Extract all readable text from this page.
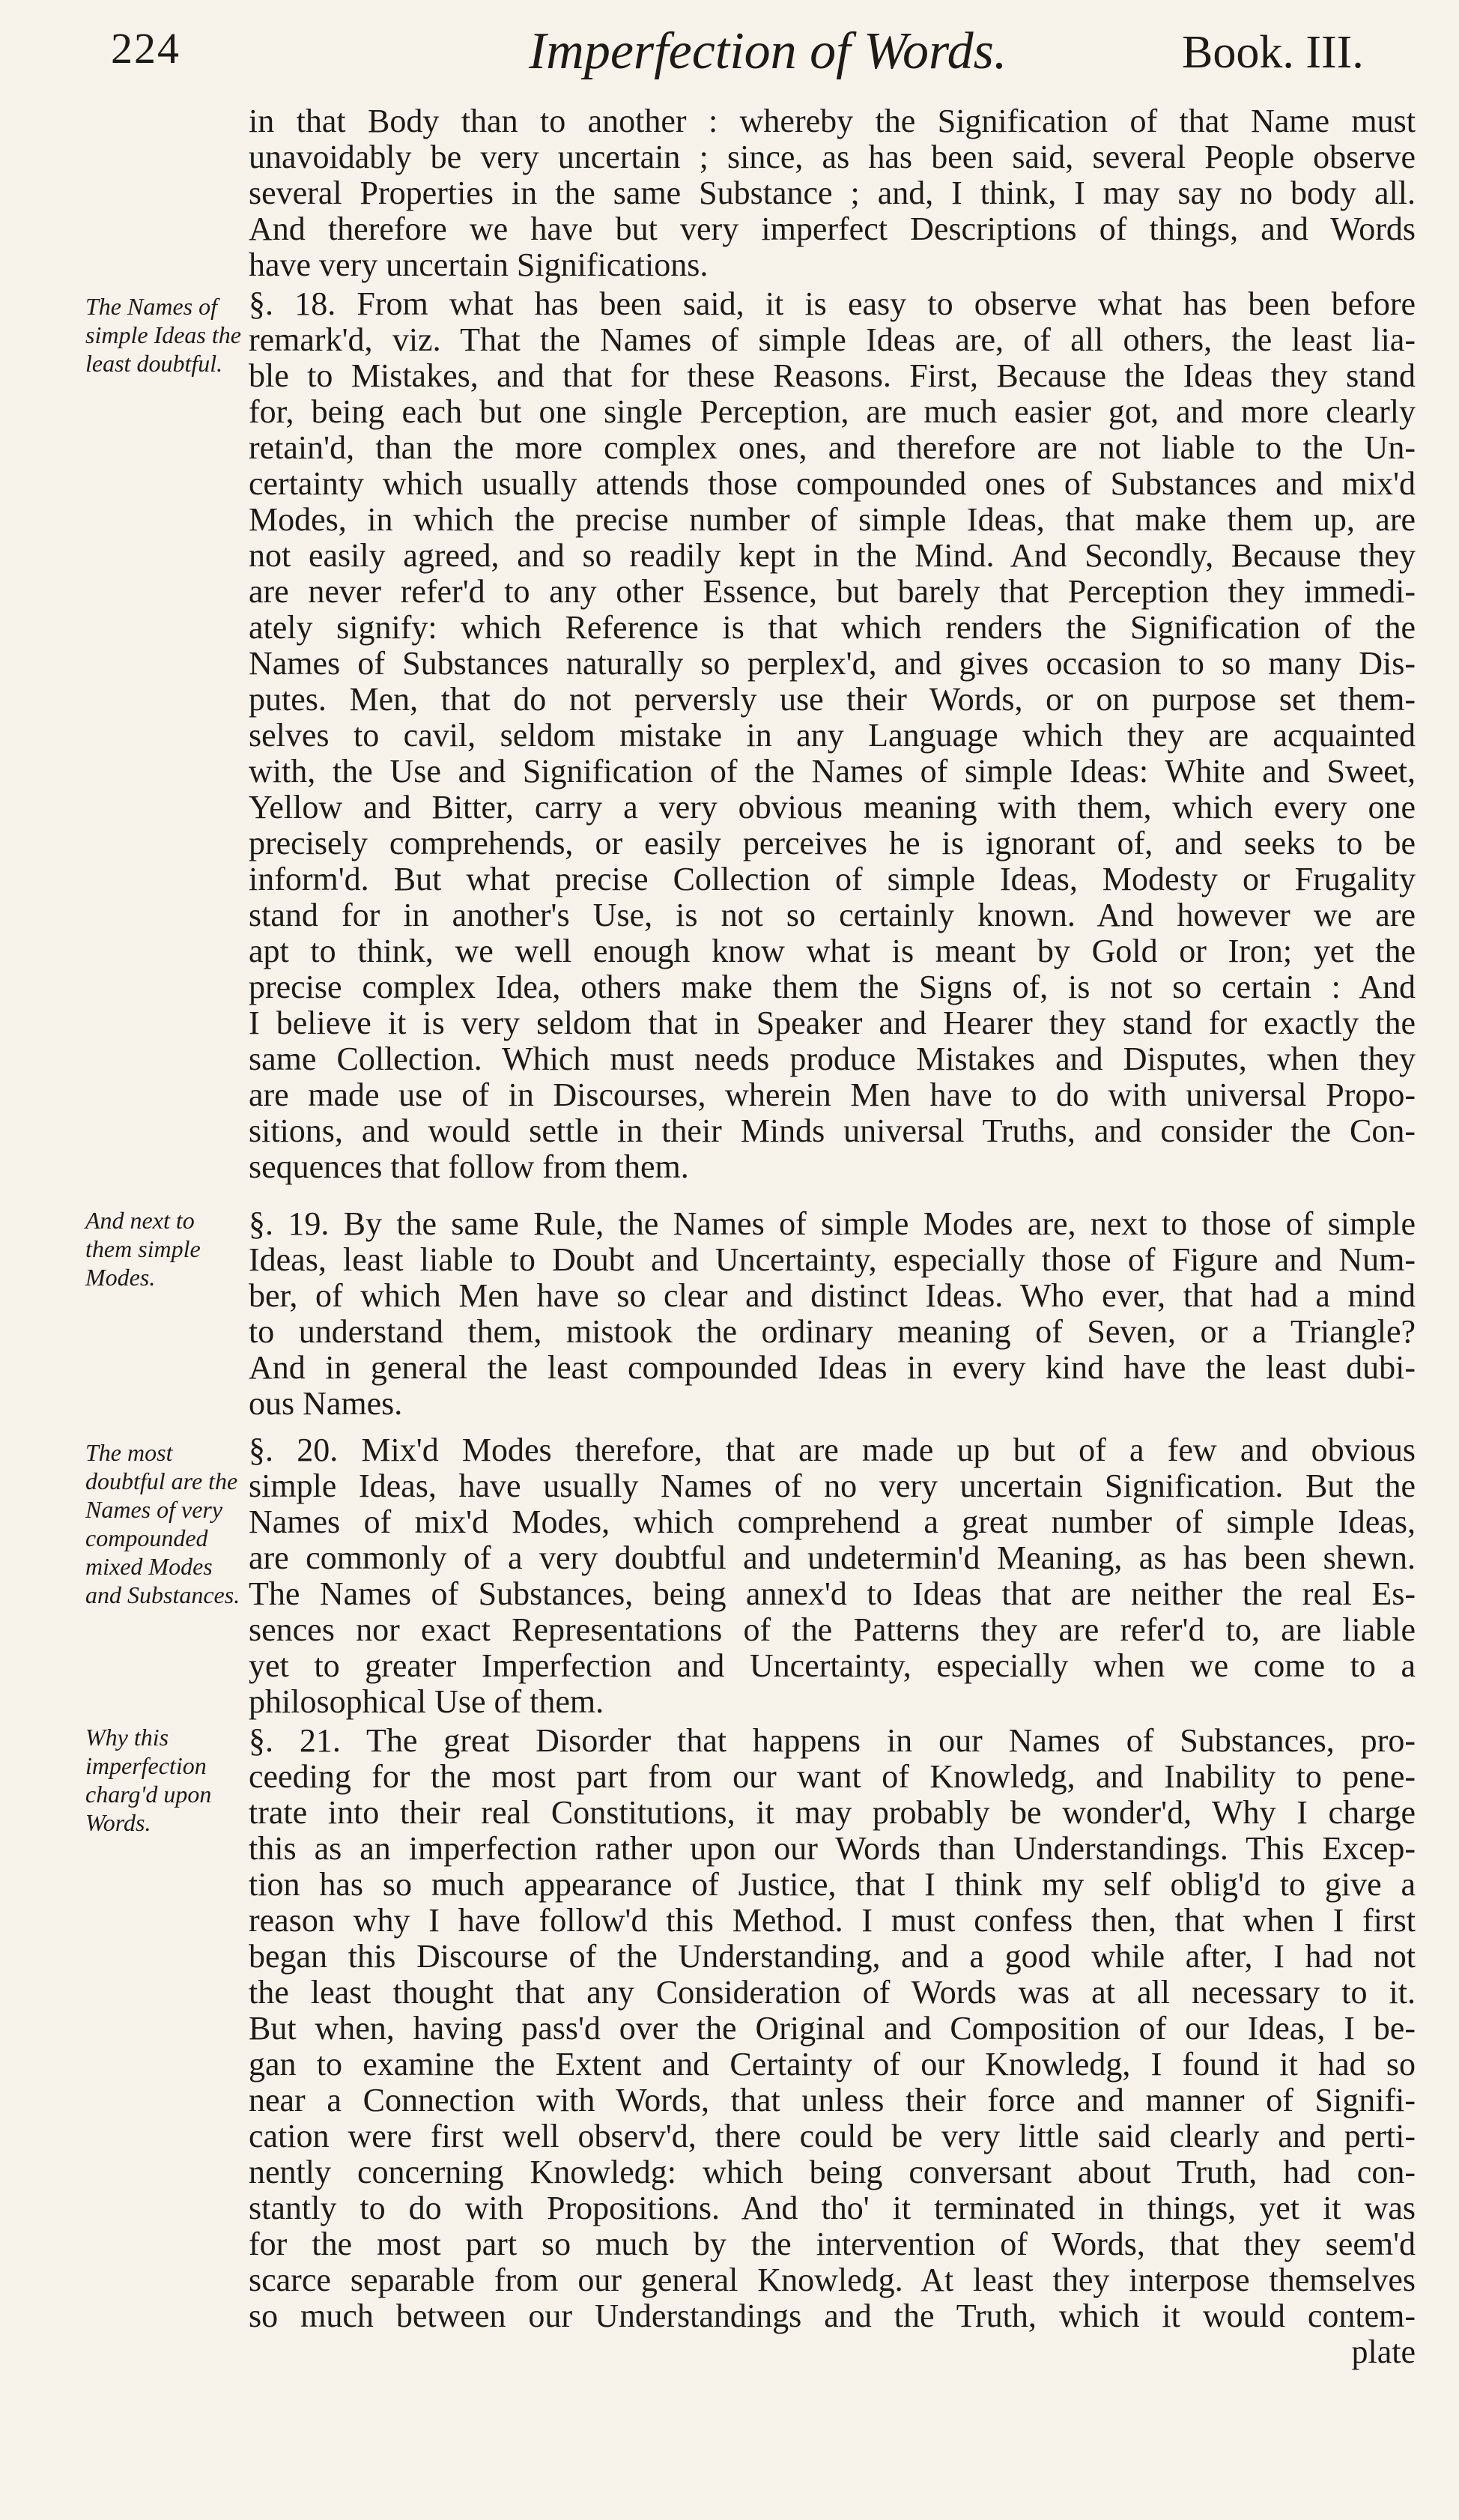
224	Imperfection of Words.	Book. III.
The Names of simple Ideas the least doubtful.
And next to them simple Modes.
The most doubtful are the Names of very compounded mixed Modes and Substances.
Why this imperfection charg'd upon Words.
in that Body than to another : whereby the Signification of that Name must
unavoidably be very uncertain ; since, as has been said, several People observe
several Properties in the same Substance ; and, I think, I may say no body all.
And therefore we have but very imperfect Descriptions of things, and Words
have very uncertain Significations.
§. 18. From what has been said, it is easy to observe what has been before
remark'd, viz. That the Names of simple Ideas are, of all others, the least lia-
ble to Mistakes, and that for these Reasons. First, Because the Ideas they stand
for, being each but one single Perception, are much easier got, and more clearly
retain'd, than the more complex ones, and therefore are not liable to the Un-
certainty which usually attends those compounded ones of Substances and mix'd
Modes, in which the precise number of simple Ideas, that make them up, are
not easily agreed, and so readily kept in the Mind. And Secondly, Because they
are never refer'd to any other Essence, but barely that Perception they immedi-
ately signify: which Reference is that which renders the Signification of the
Names of Substances naturally so perplex'd, and gives occasion to so many Dis-
putes. Men, that do not perversly use their Words, or on purpose set them-
selves to cavil, seldom mistake in any Language which they are acquainted
with, the Use and Signification of the Names of simple Ideas: White and Sweet,
Yellow and Bitter, carry a very obvious meaning with them, which every one
precisely comprehends, or easily perceives he is ignorant of, and seeks to be
inform'd. But what precise Collection of simple Ideas, Modesty or Frugality
stand for in another's Use, is not so certainly known. And however we are
apt to think, we well enough know what is meant by Gold or Iron; yet the
precise complex Idea, others make them the Signs of, is not so certain : And
I believe it is very seldom that in Speaker and Hearer they stand for exactly the
same Collection. Which must needs produce Mistakes and Disputes, when they
are made use of in Discourses, wherein Men have to do with universal Propo-
sitions, and would settle in their Minds universal Truths, and consider the Con-
sequences that follow from them.
§. 19. By the same Rule, the Names of simple Modes are, next to those of simple
Ideas, least liable to Doubt and Uncertainty, especially those of Figure and Num-
ber, of which Men have so clear and distinct Ideas. Who ever, that had a mind
to understand them, mistook the ordinary meaning of Seven, or a Triangle?
And in general the least compounded Ideas in every kind have the least dubi-
ous Names.
§. 20. Mix'd Modes therefore, that are made up but of a few and obvious
simple Ideas, have usually Names of no very uncertain Signification. But the
Names of mix'd Modes, which comprehend a great number of simple Ideas,
are commonly of a very doubtful and undetermin'd Meaning, as has been shewn.
The Names of Substances, being annex'd to Ideas that are neither the real Es-
sences nor exact Representations of the Patterns they are refer'd to, are liable
yet to greater Imperfection and Uncertainty, especially when we come to a
philosophical Use of them.
§. 21. The great Disorder that happens in our Names of Substances, pro-
ceeding for the most part from our want of Knowledg, and Inability to pene-
trate into their real Constitutions, it may probably be wonder'd, Why I charge
this as an imperfection rather upon our Words than Understandings. This Excep-
tion has so much appearance of Justice, that I think my self oblig'd to give a
reason why I have follow'd this Method. I must confess then, that when I first
began this Discourse of the Understanding, and a good while after, I had not
the least thought that any Consideration of Words was at all necessary to it.
But when, having pass'd over the Original and Composition of our Ideas, I be-
gan to examine the Extent and Certainty of our Knowledg, I found it had so
near a Connection with Words, that unless their force and manner of Signifi-
cation were first well observ'd, there could be very little said clearly and perti-
nently concerning Knowledg: which being conversant about Truth, had con-
stantly to do with Propositions. And tho' it terminated in things, yet it was
for the most part so much by the intervention of Words, that they seem'd
scarce separable from our general Knowledg. At least they interpose themselves
so much between our Understandings and the Truth, which it would contem-
plate
